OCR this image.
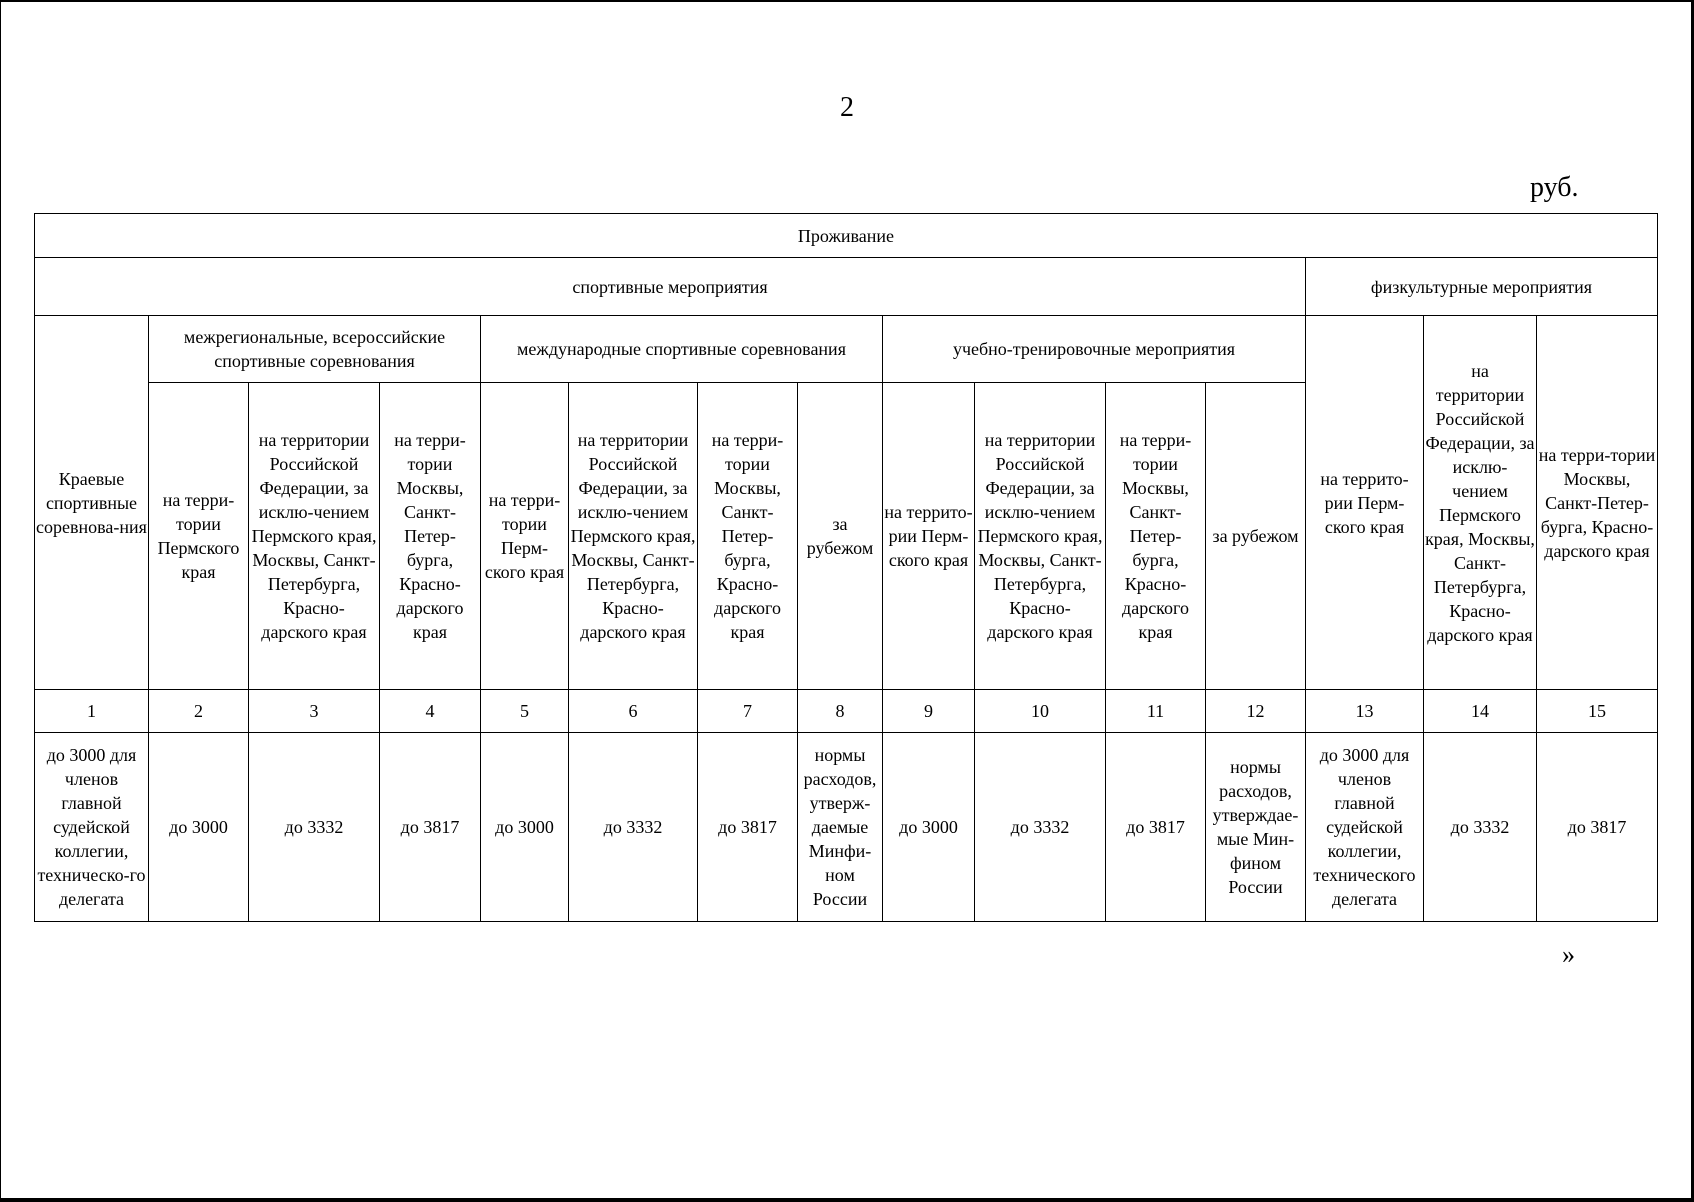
2
руб.
Проживание														
спортивные мероприятия												физкультурные мероприятия		
Краевые спортивные соревнова-ния	межрегиональные, всероссийские спортивные соревнования			международные спортивные соревнования				учебно-тренировочные мероприятия				на террито-рии Перм-ского края	на территории Российской Федерации, за исклю-чением Пермского края, Москвы, Санкт-Петербурга, Красно-дарского края	на терри-тории Москвы, Санкт-Петер-бурга, Красно-дарского края
	на терри-тории Пермского края	на территории Российской Федерации, за исклю-чением Пермского края, Москвы, Санкт-Петербурга, Красно-дарского края	на терри-тории Москвы, Санкт-Петер-бурга, Красно-дарского края	на терри-тории Перм-ского края	на территории Российской Федерации, за исклю-чением Пермского края, Москвы, Санкт-Петербурга, Красно-дарского края	на терри-тории Москвы, Санкт-Петер-бурга, Красно-дарского края	за рубежом	на террито-рии Перм-ского края	на территории Российской Федерации, за исклю-чением Пермского края, Москвы, Санкт-Петербурга, Красно-дарского края	на терри-тории Москвы, Санкт-Петер-бурга, Красно-дарского края	за рубежом			
1	2	3	4	5	6	7	8	9	10	11	12	13	14	15
до 3000 для членов главной судейской коллегии, техническо-го делегата	до 3000	до 3332	до 3817	до 3000	до 3332	до 3817	нормы расходов, утверж-даемые Минфи-ном России	до 3000	до 3332	до 3817	нормы расходов, утверждае-мые Мин-фином России	до 3000 для членов главной судейской коллегии, технического делегата	до 3332	до 3817
»
